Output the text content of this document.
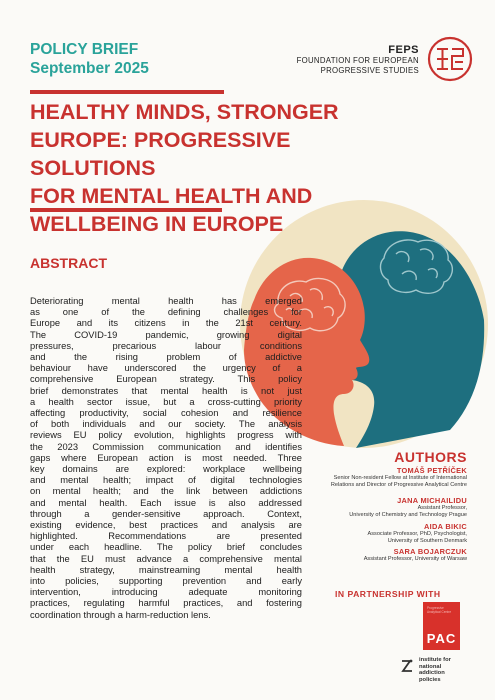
POLICY BRIEF
September 2025
FEPS
FOUNDATION FOR EUROPEAN
PROGRESSIVE STUDIES
HEALTHY MINDS, STRONGER
EUROPE: PROGRESSIVE SOLUTIONS
FOR MENTAL HEALTH AND
WELLBEING IN EUROPE
ABSTRACT
Deteriorating mental health has emerged
as one of the defining challenges for
Europe and its citizens in the 21st century.
The COVID-19 pandemic, growing digital
pressures, precarious labour conditions
and the rising problem of addictive
behaviour have underscored the urgency of a
comprehensive European strategy. This policy
brief demonstrates that mental health is not just
a health sector issue, but a cross-cutting priority
affecting productivity, social cohesion and resilience
of both individuals and our society. The analysis
reviews EU policy evolution, highlights progress with
the 2023 Commission communication and identifies
gaps where European action is most needed. Three
key domains are explored: workplace wellbeing
and mental health; impact of digital technologies
on mental health; and the link between addictions
and mental health. Each issue is also addressed
through a gender-sensitive approach. Context,
existing evidence, best practices and analysis are
highlighted. Recommendations are presented
under each headline. The policy brief concludes
that the EU must advance a comprehensive mental
health strategy, mainstreaming mental health
into policies, supporting prevention and early
intervention, introducing adequate monitoring
practices, regulating harmful practices, and fostering
coordination through a harm-reduction lens.
AUTHORS
TOMÁŠ PETŘÍČEK
Senior Non-resident Fellow at Institute of International
Relations and Director of Progressive Analytical Centre
JANA MICHAILIDU
Assistant Professor,
University of Chemistry and Technology Prague
AIDA BIKIC
Associate Professor, PhD, Psychologist,
University of Southern Denmark
SARA BOJARCZUK
Assistant Professor, University of Warsaw
IN PARTNERSHIP WITH
Progressive Analytical Centre
PAC
institute for
national addiction
policies
